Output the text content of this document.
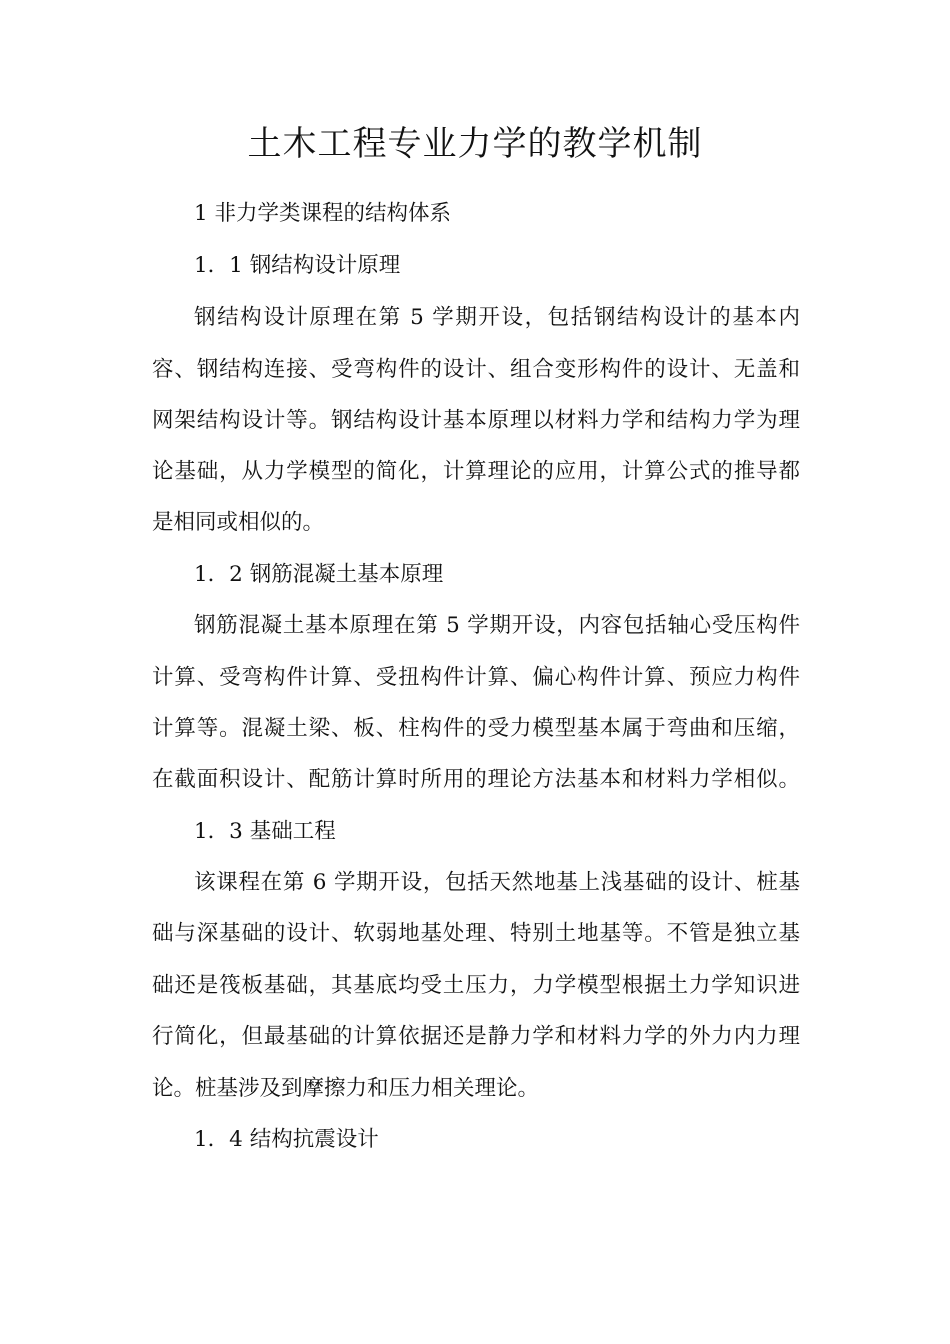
土木工程专业力学的教学机制

1 非力学类课程的结构体系

1．1 钢结构设计原理

钢结构设计原理在第 5 学期开设，包括钢结构设计的基本内

容、钢结构连接、受弯构件的设计、组合变形构件的设计、无盖和

网架结构设计等。钢结构设计基本原理以材料力学和结构力学为理

论基础，从力学模型的简化，计算理论的应用，计算公式的推导都

是相同或相似的。

1．2 钢筋混凝土基本原理

钢筋混凝土基本原理在第 5 学期开设，内容包括轴心受压构件

计算、受弯构件计算、受扭构件计算、偏心构件计算、预应力构件

计算等。混凝土梁、板、柱构件的受力模型基本属于弯曲和压缩，

在截面积设计、配筋计算时所用的理论方法基本和材料力学相似。

1．3 基础工程

该课程在第 6 学期开设，包括天然地基上浅基础的设计、桩基

础与深基础的设计、软弱地基处理、特别土地基等。不管是独立基

础还是筏板基础，其基底均受土压力，力学模型根据土力学知识进

行简化，但最基础的计算依据还是静力学和材料力学的外力内力理

论。桩基涉及到摩擦力和压力相关理论。

1．4 结构抗震设计
